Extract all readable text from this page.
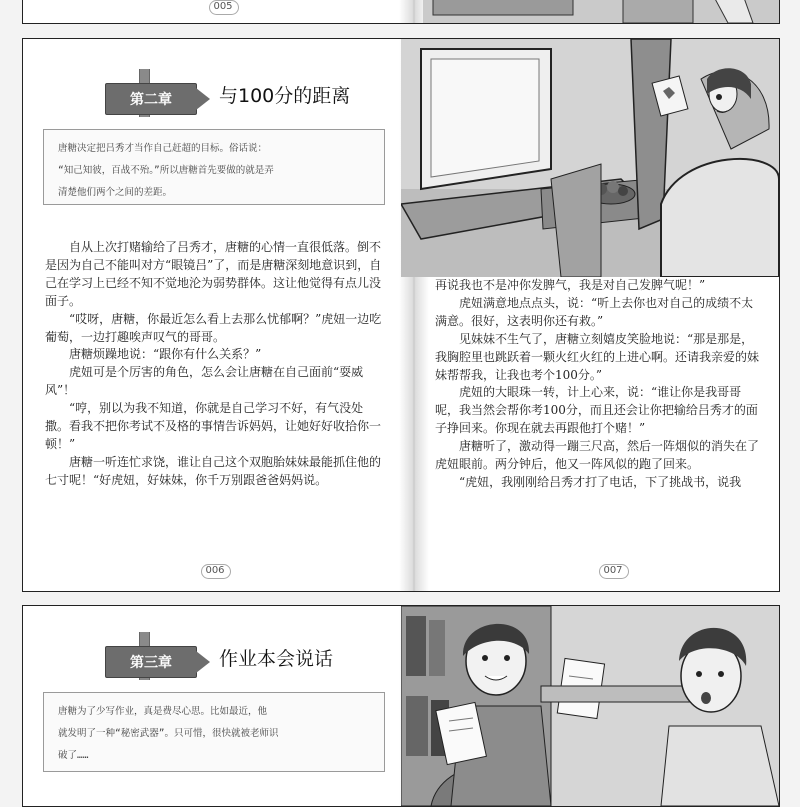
005
第二章	与100分的距离

唐糖决定把吕秀才当作自己赶超的目标。俗话说：

“知己知彼，百战不殆。”所以唐糖首先要做的就是弄

清楚他们两个之间的差距。

自从上次打赌输给了吕秀才，唐糖的心情一直很低落。倒不是因为自己不能叫对方“眼镜吕”了，而是唐糖深刻地意识到，自己在学习上已经不知不觉地沦为弱势群体。这让他觉得有点儿没面子。

“哎呀，唐糖，你最近怎么看上去那么忧郁啊？”虎妞一边吃葡萄，一边打趣唉声叹气的哥哥。

唐糖烦躁地说：“跟你有什么关系？”

虎妞可是个厉害的角色，怎么会让唐糖在自己面前“耍威风”！

“哼，别以为我不知道，你就是自己学习不好，有气没处撒。看我不把你考试不及格的事情告诉妈妈，让她好好收拾你一顿！”

唐糖一听连忙求饶，谁让自己这个双胞胎妹妹最能抓住他的七寸呢！“好虎妞，好妹妹，你千万别跟爸爸妈妈说。

006

再说我也不是冲你发脾气，我是对自己发脾气呢！”

虎妞满意地点点头，说：“听上去你也对自己的成绩不太满意。很好，这表明你还有救。”

见妹妹不生气了，唐糖立刻嬉皮笑脸地说：“那是那是，我胸腔里也跳跃着一颗火红火红的上进心啊。还请我亲爱的妹妹帮帮我，让我也考个100分。”

虎妞的大眼珠一转，计上心来，说：“谁让你是我哥哥呢，我当然会帮你考100分，而且还会让你把输给吕秀才的面子挣回来。你现在就去再跟他打个赌！”

唐糖听了，激动得一蹦三尺高，然后一阵烟似的消失在了虎妞眼前。两分钟后，他又一阵风似的跑了回来。

“虎妞，我刚刚给吕秀才打了电话，下了挑战书，说我

007
第三章	作业本会说话

唐糖为了少写作业，真是费尽心思。比如最近，他

就发明了一种“秘密武器”。只可惜，很快就被老师识

破了……
